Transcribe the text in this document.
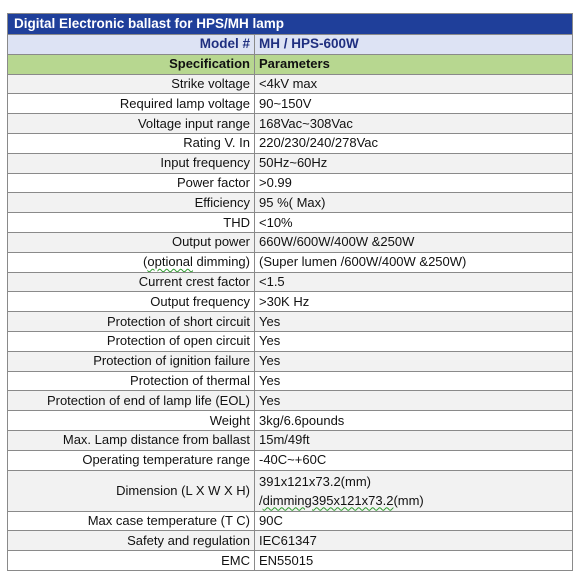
Digital Electronic ballast for HPS/MH lamp	
Model #	MH / HPS-600W
Specification	Parameters
Strike voltage	<4kV max
Required lamp voltage	90~150V
Voltage input range	168Vac~308Vac
Rating V. In	220/230/240/278Vac
Input frequency	50Hz~60Hz
Power factor	>0.99
Efficiency	95 %( Max)
THD	<10%
Output power	660W/600W/400W &250W
(optional dimming)	(Super lumen /600W/400W &250W)
Current crest factor	<1.5
Output frequency	>30K Hz
Protection of short circuit	Yes
Protection of open circuit	Yes
Protection of ignition failure	Yes
Protection of thermal	Yes
Protection of end of lamp life (EOL)	Yes
Weight	3kg/6.6pounds
Max. Lamp distance from ballast	15m/49ft
Operating temperature range	-40C~+60C
Dimension (L X W X H)	391x121x73.2(mm)
/dimming395x121x73.2(mm)

Max case temperature (T C)	90C
Safety and regulation	IEC61347
EMC	EN55015
